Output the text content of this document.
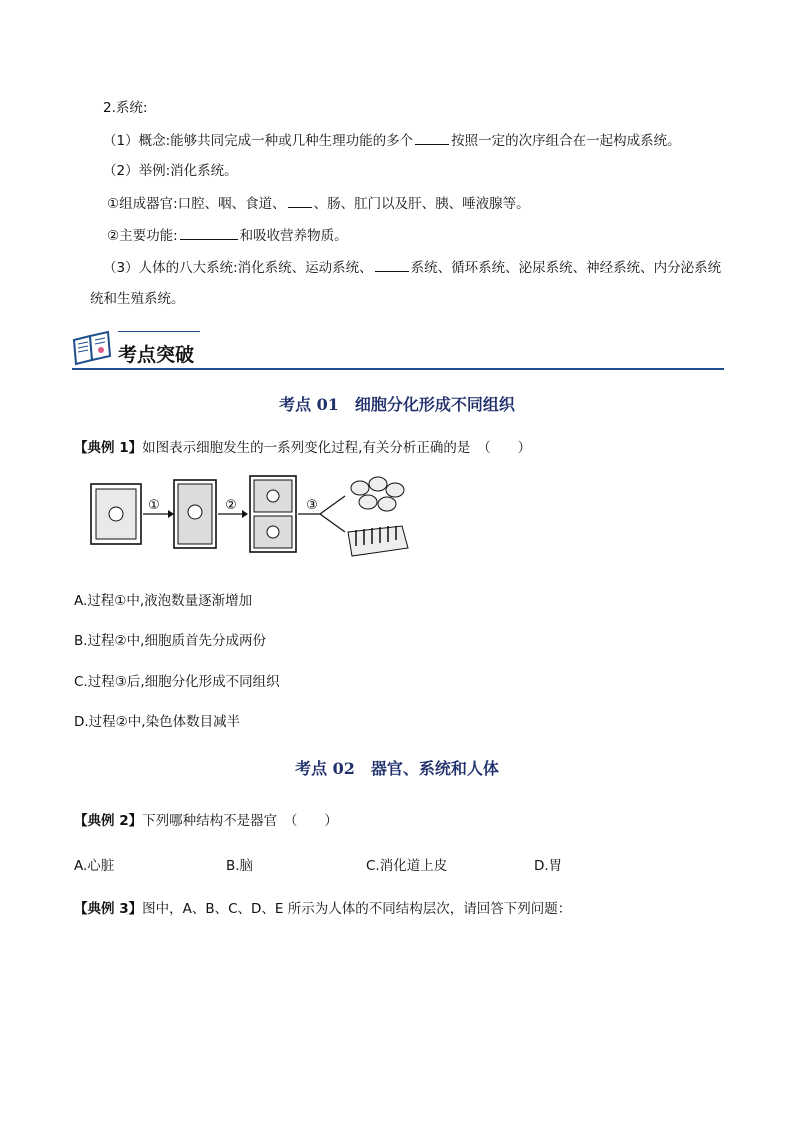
2.系统:
（1）概念:能够共同完成一种或几种生理功能的多个	按照一定的次序组合在一起构成系统。
（2）举例:消化系统。
①组成器官:口腔、咽、食道、 、肠、肛门以及肝、胰、唾液腺等。
②主要功能:	和吸收营养物质。
（3）人体的八大系统:消化系统、运动系统、	系统、循环系统、泌尿系统、神经系统、内分泌系统
统和生殖系统。
考点突破
考点 01　细胞分化形成不同组织
【典例 1】如图表示细胞发生的一系列变化过程,有关分析正确的是　（　　）
①	②	③
A.过程①中,液泡数量逐渐增加
B.过程②中,细胞质首先分成两份
C.过程③后,细胞分化形成不同组织
D.过程②中,染色体数目减半
考点 02　器官、系统和人体
【典例 2】下列哪种结构不是器官　（　　）
A.心脏	B.脑	C.消化道上皮	D.胃
【典例 3】图中，A、B、C、D、E 所示为人体的不同结构层次，请回答下列问题：
